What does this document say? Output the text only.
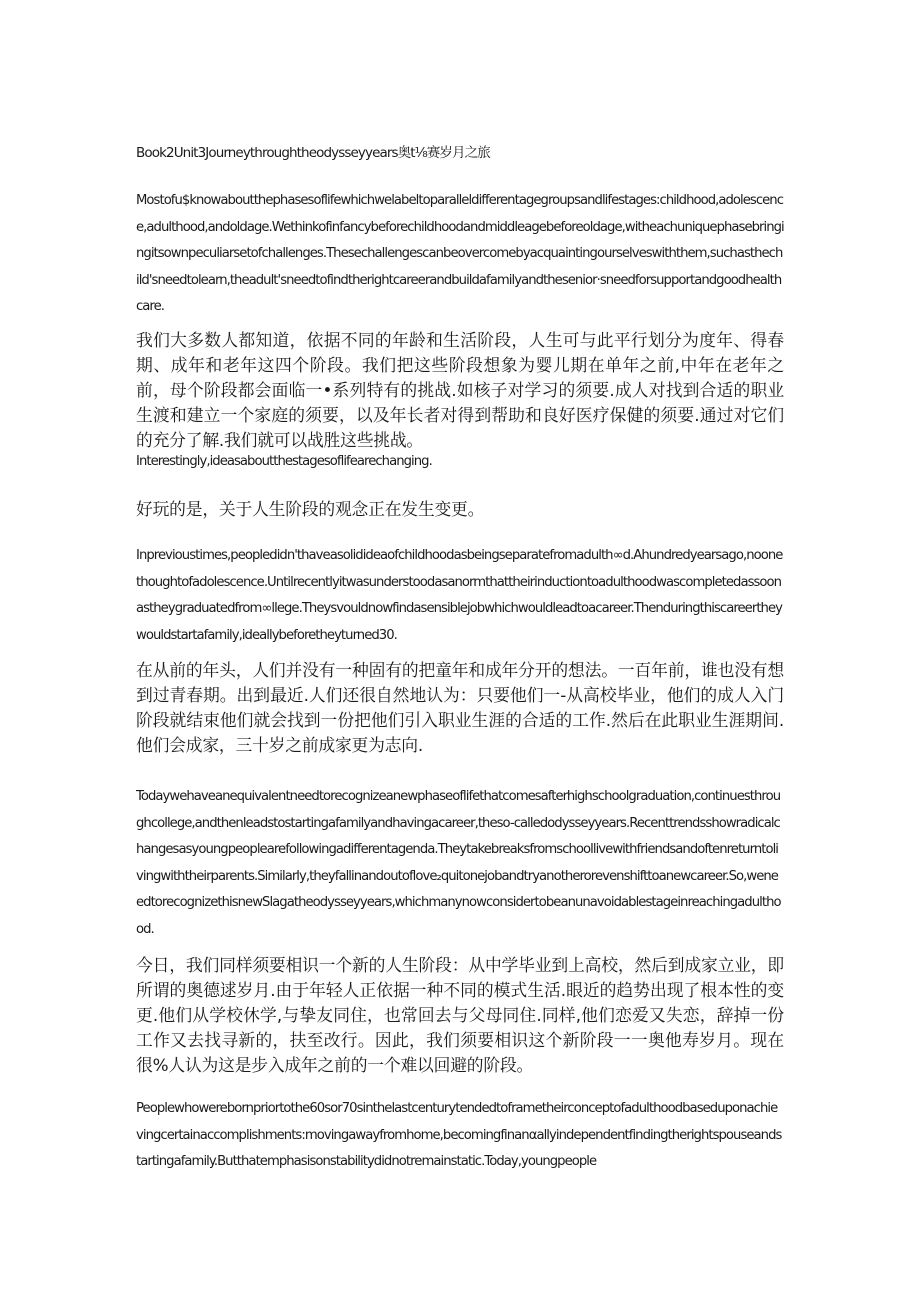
Book2Unit3Journeythroughtheodysseyyears奥t⅛赛岁月之旅

Mostofu$knowaboutthephasesoflifewhichwelabeltoparalleldifferentagegroupsandlifestages:childhood,adolescence,adulthood,andoldage.Wethinkofinfancybeforechildhoodandmiddleagebeforeoldage,withea​chuniquephasebringingitsownpeculiarsetofchallenges.Thesechallengescanbeovercomebyacquaintin​gourselveswiththem,suchasthechild'sneedtolearn,theadult'sneedtofindtherightcareerandbuildafamilya​ndthesenior·sneedforsupportandgoodhealthcare.

我们大多数人都知道，依据不同的年龄和生活阶段，人生可与此平行划分为度年、得春期、成年和老年这四个阶段。我们把这些阶段想象为婴儿期在单年之前,中年在老年之前，母个阶段都会面临一•系列特有的挑战.如核子对学习的须要.成人对找到合适的职业生渡和建立一个家庭的须要，以及年长者对得到帮助和良好医疗保健的须要.通过对它们的充分了解.我们就可以战胜这些挑战。

Interestingly,ideasaboutthestagesoflifearechanging.

好玩的是，关于人生阶段的观念正在发生变更。

Inprevioustimes,peopledidn'thaveasolidideaofchildhoodasbeingseparatefromadulth∞d.Ahundredyearsago,noonethoughtofadolescence.Untilrecentlyitwasunderstoodasanormthattheirinductiontoadulthoodwascompletedassoonastheygraduatedfrom∞llege.Theysvouldnowfindasensiblejobwhichwouldleadtoacareer.Thenduringthiscareertheywouldstartafamily,ideallybeforetheyturned30.

在从前的年头，人们并没有一种固有的把童年和成年分开的想法。一百年前，谁也没有想到过青春期。出到最近.人们还很自然地认为：只要他们一-从高校毕业，他们的成人入门阶段就结束他们就会找到一份把他们引入职业生涯的合适的工作.然后在此职业生涯期间.他们会成家，三十岁之前成家更为志向.

Todaywehaveanequivalentneedtorecognizeanewphaseoflifethatcomesafterhighschoolgraduation,continuesthroughcollege,andthenleadstostartingafamilyandhavingacareer,theso-calledodysseyyears.Recenttrendsshowradicalchangesasyoungpeoplearefollowingadifferentagenda.Theytakebreaksfromschoollivewithfriendsandoftenreturntolivingwiththeirparents.Similarly,theyfallinandoutoflove₂quitonejobandtryanotherorevenshifttoanewcareer.So,weneedtorecognizethisnewSlagatheodysseyyears,whichmanynowconsidertobeanunavoidablestageinreachingadulthood.

今日，我们同样须要相识一个新的人生阶段：从中学毕业到上高校，然后到成家立业，即所谓的奥德逑岁月.由于年轻人正依据一种不同的模式生活.眼近的趋势出现了根本性的变更.他们从学校休学,与挚友同住，也常回去与父母同住.同样,他们恋爱又失恋，辞掉一份工作又去找寻新的，扶至改行。因此，我们须要相识这个新阶段一一奥他寿岁月。现在很%人认为这是步入成年之前的一个难以回避的阶段。

Peoplewhowerebornpriortothe60sor70sinthelastcenturytendedtoframetheirconceptofadulthoodbaseduponachievingcertainaccomplishments:movingawayfromhome,becomingfinanαallyindependentfindingtherightspouseandstartingafamily.Butthatemphasisonstabilitydidnotremainstatic.Today,youngpeople
